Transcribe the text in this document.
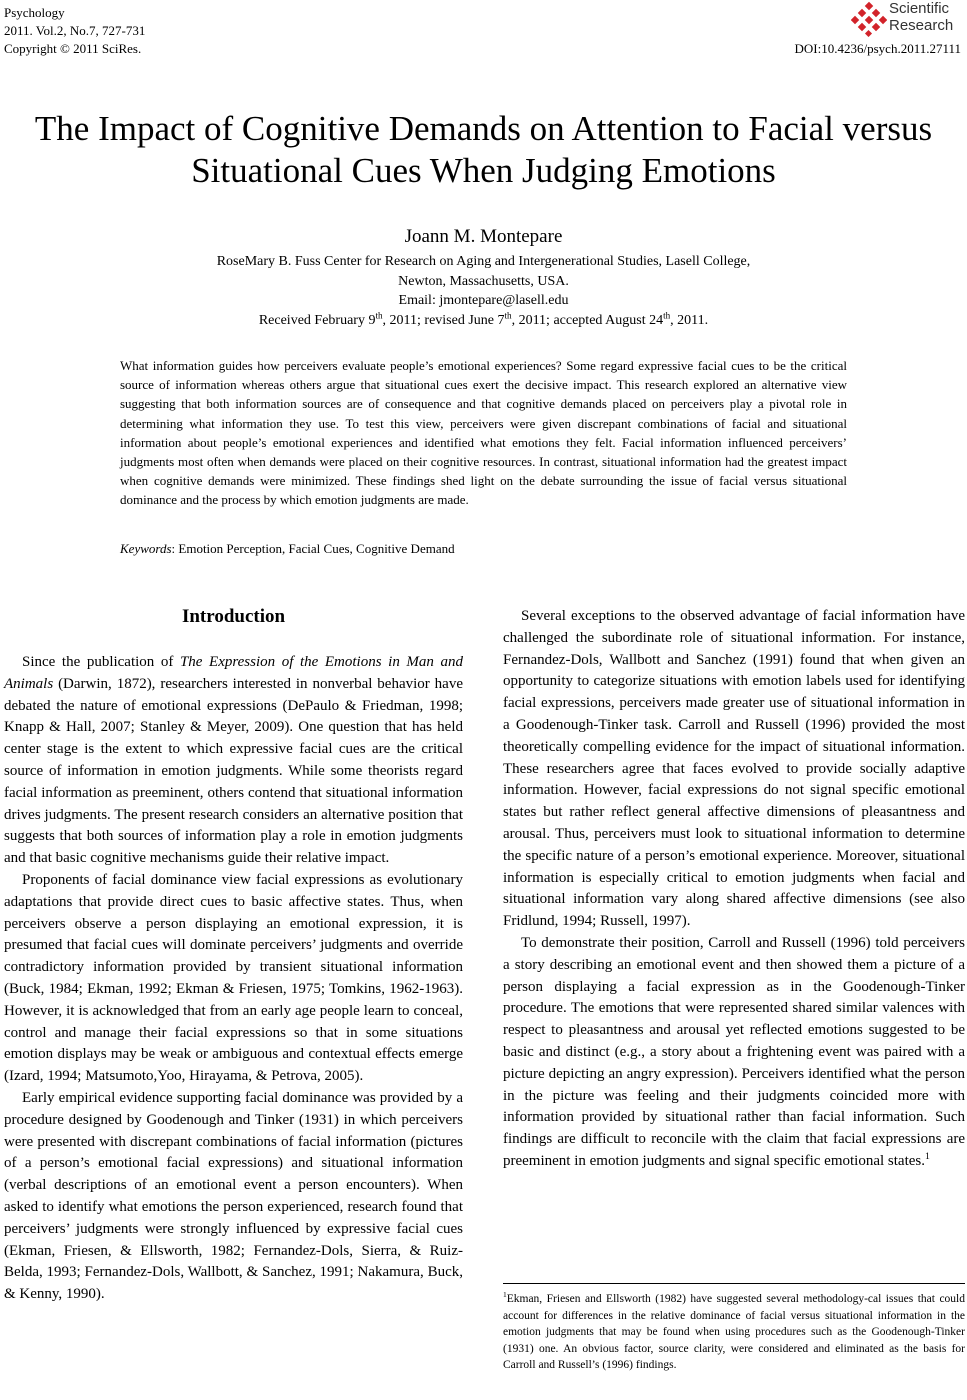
Psychology
2011. Vol.2, No.7, 727-731
Copyright © 2011 SciRes.
Scientific
Research
DOI:10.4236/psych.2011.27111
The Impact of Cognitive Demands on Attention to Facial versus
Situational Cues When Judging Emotions
Joann M. Montepare
RoseMary B. Fuss Center for Research on Aging and Intergenerational Studies, Lasell College,
Newton, Massachusetts, USA.
Email: jmontepare@lasell.edu
Received February 9th, 2011; revised June 7th, 2011; accepted August 24th, 2011.
What information guides how perceivers evaluate people’s emotional experiences? Some regard expressive facial cues to be the critical source of information whereas others argue that situational cues exert the decisive impact. This research explored an alternative view suggesting that both information sources are of consequence and that cognitive demands placed on perceivers play a pivotal role in determining what information they use. To test this view, perceivers were given discrepant combinations of facial and situational information about people’s emotional experiences and identified what emotions they felt. Facial information influenced perceivers’ judgments most often when demands were placed on their cognitive resources. In contrast, situational information had the greatest impact when cognitive demands were minimized. These findings shed light on the debate surrounding the issue of facial versus situational dominance and the process by which emotion judgments are made.
Keywords: Emotion Perception, Facial Cues, Cognitive Demand
Introduction

Since the publication of The Expression of the Emotions in Man and Animals (Darwin, 1872), researchers interested in nonverbal behavior have debated the nature of emotional expressions (DePaulo & Friedman, 1998; Knapp & Hall, 2007; Stanley & Meyer, 2009). One question that has held center stage is the extent to which expressive facial cues are the critical source of information in emotion judgments. While some theorists regard facial information as preeminent, others contend that situational information drives judgments. The present research considers an alternative position that suggests that both sources of information play a role in emotion judgments and that basic cognitive mechanisms guide their relative impact.

Proponents of facial dominance view facial expressions as evolutionary adaptations that provide direct cues to basic affective states. Thus, when perceivers observe a person displaying an emotional expression, it is presumed that facial cues will dominate perceivers’ judgments and override contradictory information provided by transient situational information (Buck, 1984; Ekman, 1992; Ekman & Friesen, 1975; Tomkins, 1962-1963). However, it is acknowledged that from an early age people learn to conceal, control and manage their facial expressions so that in some situations emotion displays may be weak or ambiguous and contextual effects emerge (Izard, 1994; Matsumoto,Yoo, Hirayama, & Petrova, 2005).

Early empirical evidence supporting facial dominance was provided by a procedure designed by Goodenough and Tinker (1931) in which perceivers were presented with discrepant combinations of facial information (pictures of a person’s emotional facial expressions) and situational information (verbal descriptions of an emotional event a person encounters). When asked to identify what emotions the person experienced, research found that perceivers’ judgments were strongly influenced by expressive facial cues (Ekman, Friesen, & Ellsworth, 1982; Fernandez-Dols, Sierra, & Ruiz-Belda, 1993; Fernandez-Dols, Wallbott, & Sanchez, 1991; Nakamura, Buck, & Kenny, 1990).

Several exceptions to the observed advantage of facial information have challenged the subordinate role of situational information. For instance, Fernandez-Dols, Wallbott and Sanchez (1991) found that when given an opportunity to categorize situations with emotion labels used for identifying facial expressions, perceivers made greater use of situational information in a Goodenough-Tinker task. Carroll and Russell (1996) provided the most theoretically compelling evidence for the impact of situational information. These researchers agree that faces evolved to provide socially adaptive information. However, facial expressions do not signal specific emotional states but rather reflect general affective dimensions of pleasantness and arousal. Thus, perceivers must look to situational information to determine the specific nature of a person’s emotional experience. Moreover, situational information is especially critical to emotion judgments when facial and situational information vary along shared affective dimensions (see also Fridlund, 1994; Russell, 1997).

To demonstrate their position, Carroll and Russell (1996) told perceivers a story describing an emotional event and then showed them a picture of a person displaying a facial expression as in the Goodenough-Tinker procedure. The emotions that were represented shared similar valences with respect to pleasantness and arousal yet reflected emotions suggested to be basic and distinct (e.g., a story about a frightening event was paired with a picture depicting an angry expression). Perceivers identified what the person in the picture was feeling and their judgments coincided more with information provided by situational rather than facial information. Such findings are difficult to reconcile with the claim that facial expressions are preeminent in emotion judgments and signal specific emotional states.$^1$

$^1$Ekman, Friesen and Ellsworth (1982) have suggested several methodology-cal issues that could account for differences in the relative dominance of facial versus situational information in the emotion judgments that may be found when using procedures such as the Goodenough-Tinker (1931) one. An obvious factor, source clarity, were considered and eliminated as the basis for Carroll and Russell’s (1996) findings.
